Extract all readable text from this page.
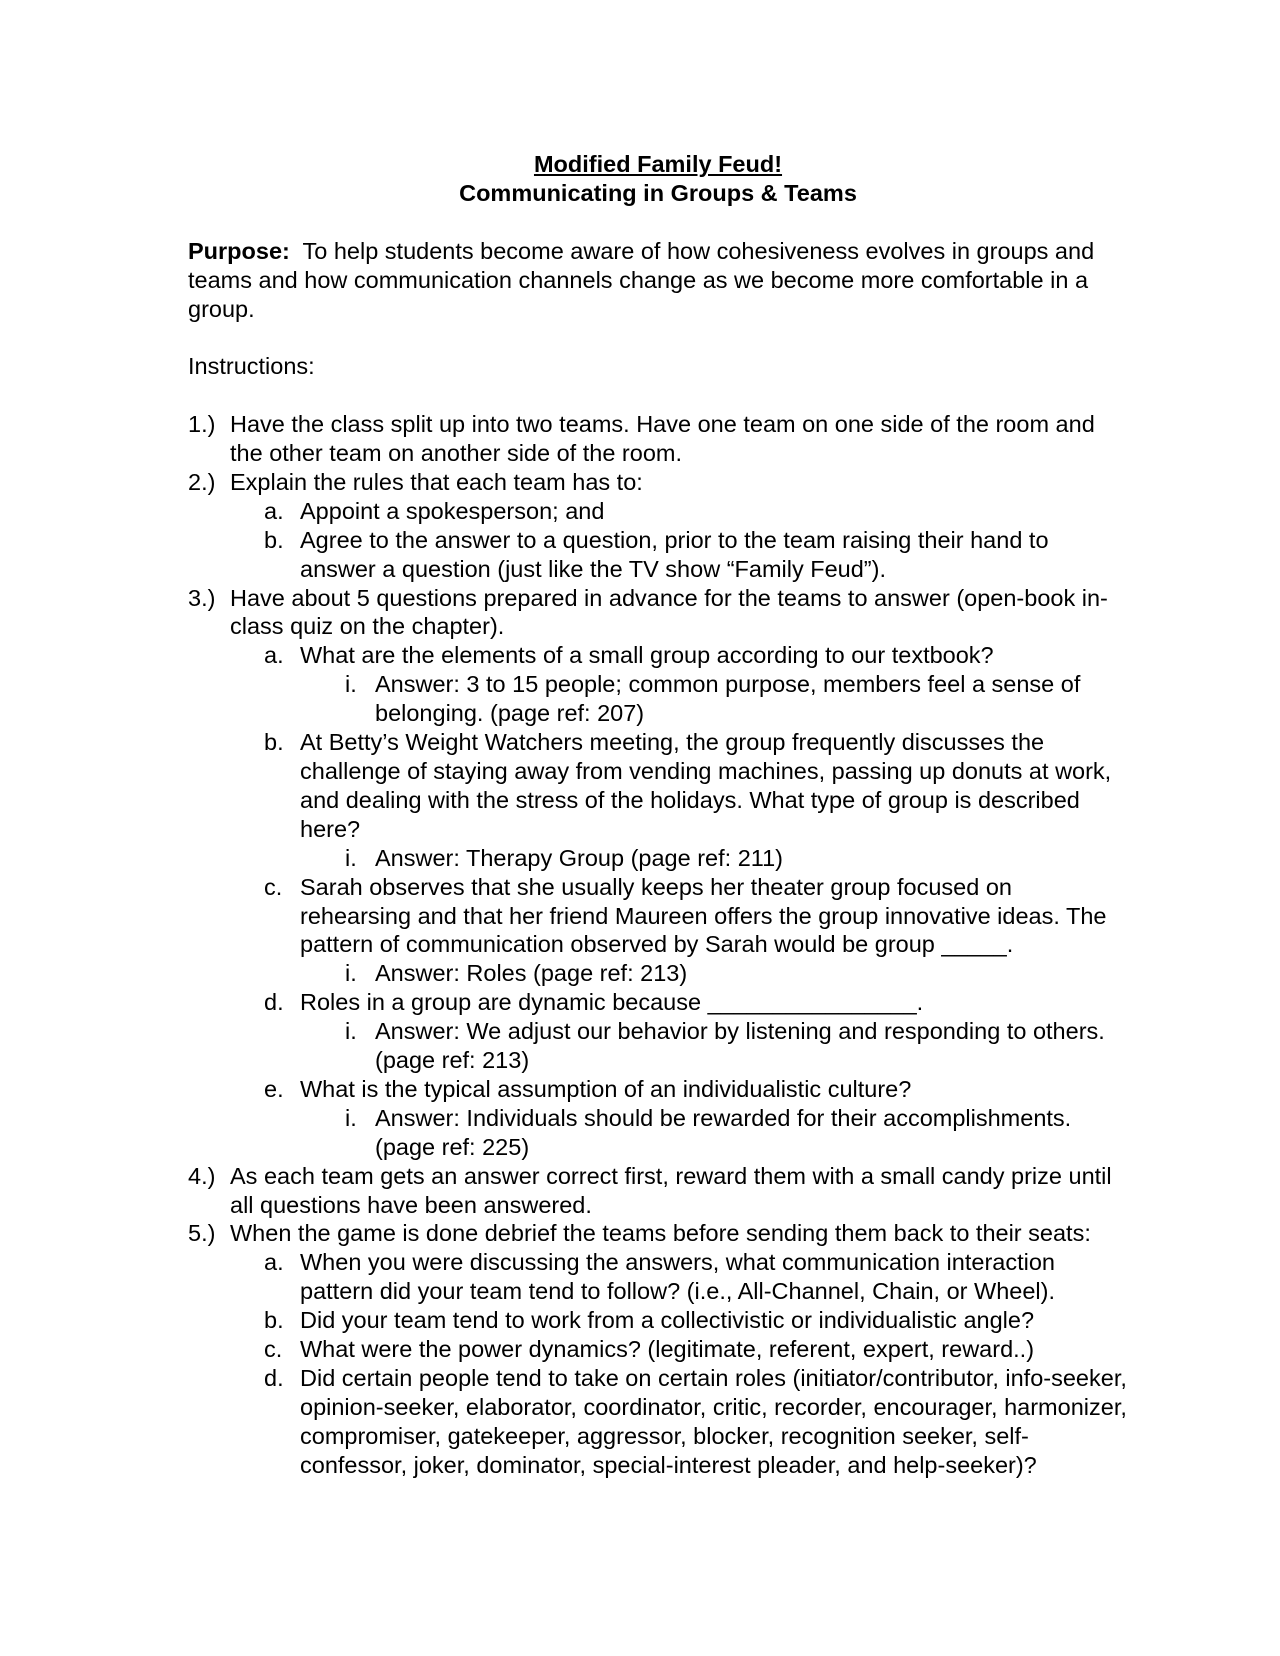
Modified Family Feud!

Communicating in Groups & Teams

Purpose: To help students become aware of how cohesiveness evolves in groups and teams and how communication channels change as we become more comfortable in a group.

Instructions:

1.) Have the class split up into two teams. Have one team on one side of the room and the other team on another side of the room.
2.) Explain the rules that each team has to:
a. Appoint a spokesperson; and
b. Agree to the answer to a question, prior to the team raising their hand to answer a question (just like the TV show “Family Feud”).
3.) Have about 5 questions prepared in advance for the teams to answer (open-book in-class quiz on the chapter).
a. What are the elements of a small group according to our textbook?
i. Answer: 3 to 15 people; common purpose, members feel a sense of belonging. (page ref: 207)
b. At Betty’s Weight Watchers meeting, the group frequently discusses the challenge of staying away from vending machines, passing up donuts at work, and dealing with the stress of the holidays. What type of group is described here?
i. Answer: Therapy Group (page ref: 211)
c. Sarah observes that she usually keeps her theater group focused on rehearsing and that her friend Maureen offers the group innovative ideas. The pattern of communication observed by Sarah would be group _____.
i. Answer: Roles (page ref: 213)
d. Roles in a group are dynamic because ________________.
i. Answer: We adjust our behavior by listening and responding to others. (page ref: 213)
e. What is the typical assumption of an individualistic culture?
i. Answer: Individuals should be rewarded for their accomplishments. (page ref: 225)
4.) As each team gets an answer correct first, reward them with a small candy prize until all questions have been answered.
5.) When the game is done debrief the teams before sending them back to their seats:
a. When you were discussing the answers, what communication interaction pattern did your team tend to follow? (i.e., All-Channel, Chain, or Wheel).
b. Did your team tend to work from a collectivistic or individualistic angle?
c. What were the power dynamics? (legitimate, referent, expert, reward..)
d. Did certain people tend to take on certain roles (initiator/contributor, info-seeker, opinion-seeker, elaborator, coordinator, critic, recorder, encourager, harmonizer, compromiser, gatekeeper, aggressor, blocker, recognition seeker, self-confessor, joker, dominator, special-interest pleader, and help-seeker)?
